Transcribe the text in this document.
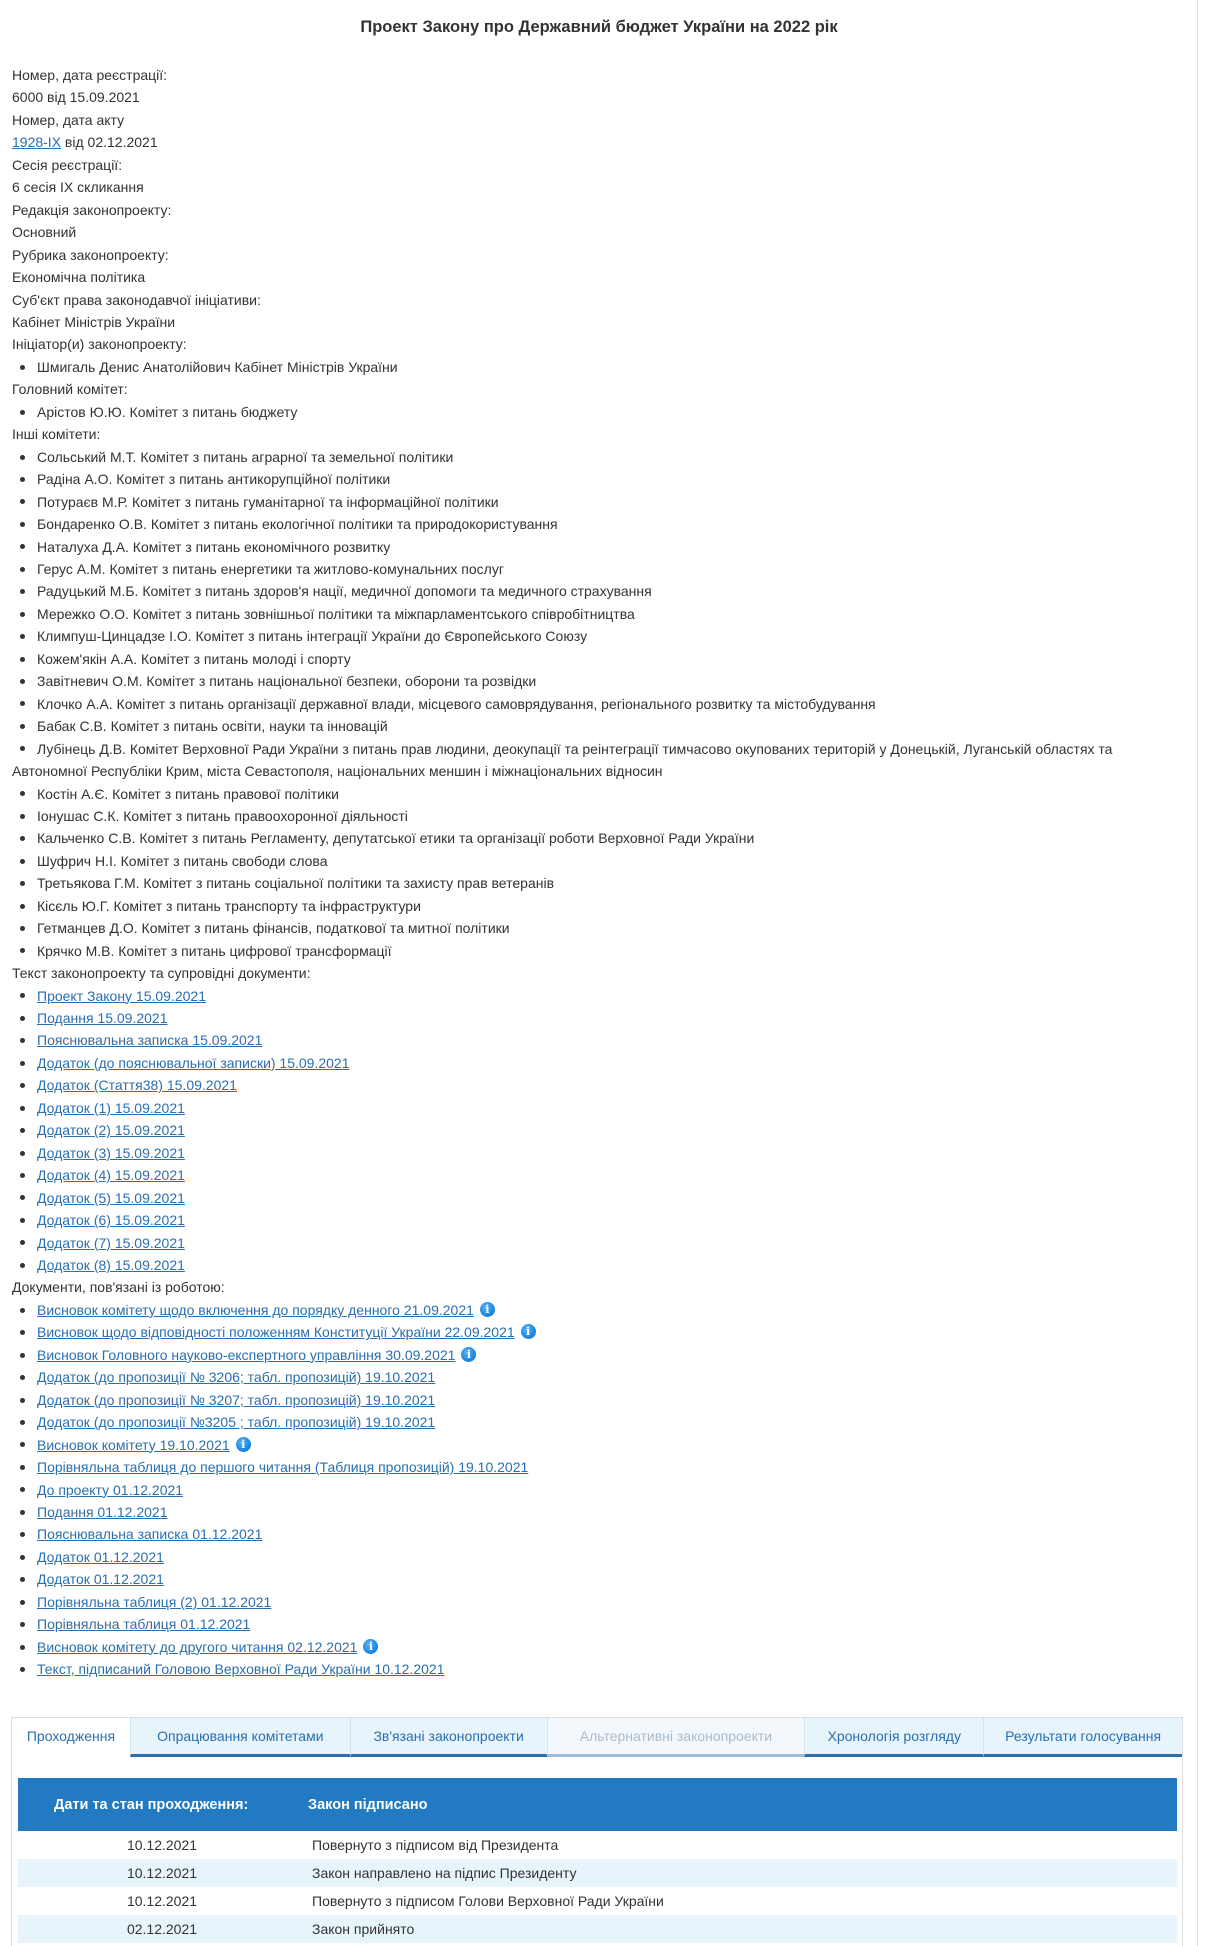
Проект Закону про Державний бюджет України на 2022 рік
Номер, дата реєстрації:
6000 від 15.09.2021
Номер, дата акту
1928-IX від 02.12.2021
Сесія реєстрації:
6 сесія IX скликання
Редакція законопроекту:
Основний
Рубрика законопроекту:
Економічна політика
Суб'єкт права законодавчої ініціативи:
Кабінет Міністрів України
Ініціатор(и) законопроекту:
Шмигаль Денис Анатолійович Кабінет Міністрів України
Головний комітет:
Арістов Ю.Ю. Комітет з питань бюджету
Інші комітети:
Сольський М.Т. Комітет з питань аграрної та земельної політики
Радіна А.О. Комітет з питань антикорупційної політики
Потураєв М.Р. Комітет з питань гуманітарної та інформаційної політики
Бондаренко О.В. Комітет з питань екологічної політики та природокористування
Наталуха Д.А. Комітет з питань економічного розвитку
Герус А.М. Комітет з питань енергетики та житлово-комунальних послуг
Радуцький М.Б. Комітет з питань здоров'я нації, медичної допомоги та медичного страхування
Мережко О.О. Комітет з питань зовнішньої політики та міжпарламентського співробітництва
Климпуш-Цинцадзе І.О. Комітет з питань інтеграції України до Європейського Союзу
Кожем'якін А.А. Комітет з питань молоді і спорту
Завітневич О.М. Комітет з питань національної безпеки, оборони та розвідки
Клочко А.А. Комітет з питань організації державної влади, місцевого самоврядування, регіонального розвитку та містобудування
Бабак С.В. Комітет з питань освіти, науки та інновацій
Лубінець Д.В. Комітет Верховної Ради України з питань прав людини, деокупації та реінтеграції тимчасово окупованих територій у Донецькій, Луганській областях та Автономної Республіки Крим, міста Севастополя, національних меншин і міжнаціональних відносин
Костін А.Є. Комітет з питань правової політики
Іонушас С.К. Комітет з питань правоохоронної діяльності
Кальченко С.В. Комітет з питань Регламенту, депутатської етики та організації роботи Верховної Ради України
Шуфрич Н.І. Комітет з питань свободи слова
Третьякова Г.М. Комітет з питань соціальної політики та захисту прав ветеранів
Кісєль Ю.Г. Комітет з питань транспорту та інфраструктури
Гетманцев Д.О. Комітет з питань фінансів, податкової та митної політики
Крячко М.В. Комітет з питань цифрової трансформації
Текст законопроекту та супровідні документи:
Проект Закону 15.09.2021
Подання 15.09.2021
Пояснювальна записка 15.09.2021
Додаток (до пояснювальної записки) 15.09.2021
Додаток (Стаття38) 15.09.2021
Додаток (1) 15.09.2021
Додаток (2) 15.09.2021
Додаток (3) 15.09.2021
Додаток (4) 15.09.2021
Додаток (5) 15.09.2021
Додаток (6) 15.09.2021
Додаток (7) 15.09.2021
Додаток (8) 15.09.2021
Документи, пов'язані із роботою:
Висновок комітету щодо включення до порядку денного 21.09.2021 i
Висновок щодо відповідності положенням Конституції України 22.09.2021 i
Висновок Головного науково-експертного управління 30.09.2021 i
Додаток (до пропозиції № 3206; табл. пропозицій) 19.10.2021
Додаток (до пропозиції № 3207; табл. пропозицій) 19.10.2021
Додаток (до пропозиції №3205 ; табл. пропозицій) 19.10.2021
Висновок комітету 19.10.2021 i
Порівняльна таблиця до першого читання (Таблиця пропозицій) 19.10.2021
До проекту 01.12.2021
Подання 01.12.2021
Пояснювальна записка 01.12.2021
Додаток 01.12.2021
Додаток 01.12.2021
Порівняльна таблиця (2) 01.12.2021
Порівняльна таблиця 01.12.2021
Висновок комітету до другого читання 02.12.2021 i
Текст, підписаний Головою Верховної Ради України 10.12.2021
Проходження	Опрацювання комітетами	Зв'язані законопроекти	Альтернативні законопроекти	Хронологія розгляду	Результати голосування
Дати та стан проходження:	Закон підписано
10.12.2021	Повернуто з підписом від Президента
10.12.2021	Закон направлено на підпис Президенту
10.12.2021	Повернуто з підписом Голови Верховної Ради України
02.12.2021	Закон прийнято
